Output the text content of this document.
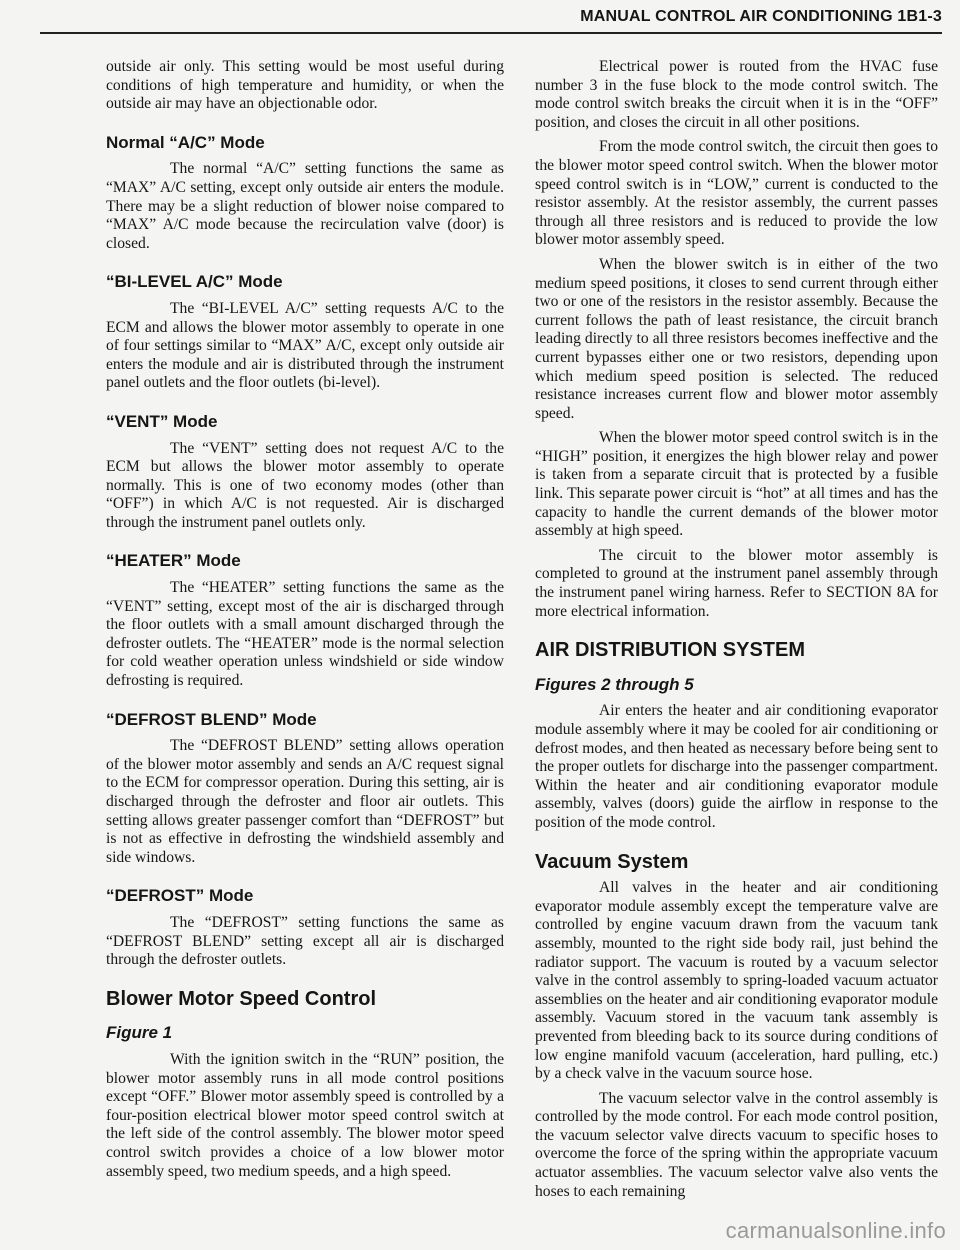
MANUAL CONTROL AIR CONDITIONING 1B1-3

outside air only. This setting would be most useful during conditions of high temperature and humidity, or when the outside air may have an objectionable odor.

Normal “A/C” Mode

The normal “A/C” setting functions the same as “MAX” A/C setting, except only outside air enters the module. There may be a slight reduction of blower noise compared to “MAX” A/C mode because the recirculation valve (door) is closed.

“BI-LEVEL A/C” Mode

The “BI-LEVEL A/C” setting requests A/C to the ECM and allows the blower motor assembly to operate in one of four settings similar to “MAX” A/C, except only outside air enters the module and air is distributed through the instrument panel outlets and the floor outlets (bi-level).

“VENT” Mode

The “VENT” setting does not request A/C to the ECM but allows the blower motor assembly to operate normally. This is one of two economy modes (other than “OFF”) in which A/C is not requested. Air is discharged through the instrument panel outlets only.

“HEATER” Mode

The “HEATER” setting functions the same as the “VENT” setting, except most of the air is discharged through the floor outlets with a small amount discharged through the defroster outlets. The “HEATER” mode is the normal selection for cold weather operation unless windshield or side window defrosting is required.

“DEFROST BLEND” Mode

The “DEFROST BLEND” setting allows operation of the blower motor assembly and sends an A/C request signal to the ECM for compressor operation. During this setting, air is discharged through the defroster and floor air outlets. This setting allows greater passenger comfort than “DEFROST” but is not as effective in defrosting the windshield assembly and side windows.

“DEFROST” Mode

The “DEFROST” setting functions the same as “DEFROST BLEND” setting except all air is discharged through the defroster outlets.

Blower Motor Speed Control
Figure 1

With the ignition switch in the “RUN” position, the blower motor assembly runs in all mode control positions except “OFF.” Blower motor assembly speed is controlled by a four-position electrical blower motor speed control switch at the left side of the control assembly. The blower motor speed control switch provides a choice of a low blower motor assembly speed, two medium speeds, and a high speed.

Electrical power is routed from the HVAC fuse number 3 in the fuse block to the mode control switch. The mode control switch breaks the circuit when it is in the “OFF” position, and closes the circuit in all other positions.

From the mode control switch, the circuit then goes to the blower motor speed control switch. When the blower motor speed control switch is in “LOW,” current is conducted to the resistor assembly. At the resistor assembly, the current passes through all three resistors and is reduced to provide the low blower motor assembly speed.

When the blower switch is in either of the two medium speed positions, it closes to send current through either two or one of the resistors in the resistor assembly. Because the current follows the path of least resistance, the circuit branch leading directly to all three resistors becomes ineffective and the current bypasses either one or two resistors, depending upon which medium speed position is selected. The reduced resistance increases current flow and blower motor assembly speed.

When the blower motor speed control switch is in the “HIGH” position, it energizes the high blower relay and power is taken from a separate circuit that is protected by a fusible link. This separate power circuit is “hot” at all times and has the capacity to handle the current demands of the blower motor assembly at high speed.

The circuit to the blower motor assembly is completed to ground at the instrument panel assembly through the instrument panel wiring harness. Refer to SECTION 8A for more electrical information.

AIR DISTRIBUTION SYSTEM
Figures 2 through 5

Air enters the heater and air conditioning evaporator module assembly where it may be cooled for air conditioning or defrost modes, and then heated as necessary before being sent to the proper outlets for discharge into the passenger compartment. Within the heater and air conditioning evaporator module assembly, valves (doors) guide the airflow in response to the position of the mode control.

Vacuum System

All valves in the heater and air conditioning evaporator module assembly except the temperature valve are controlled by engine vacuum drawn from the vacuum tank assembly, mounted to the right side body rail, just behind the radiator support. The vacuum is routed by a vacuum selector valve in the control assembly to spring-loaded vacuum actuator assemblies on the heater and air conditioning evaporator module assembly. Vacuum stored in the vacuum tank assembly is prevented from bleeding back to its source during conditions of low engine manifold vacuum (acceleration, hard pulling, etc.) by a check valve in the vacuum source hose.

The vacuum selector valve in the control assembly is controlled by the mode control. For each mode control position, the vacuum selector valve directs vacuum to specific hoses to overcome the force of the spring within the appropriate vacuum actuator assemblies. The vacuum selector valve also vents the hoses to each remaining

carmanualsonline.info
